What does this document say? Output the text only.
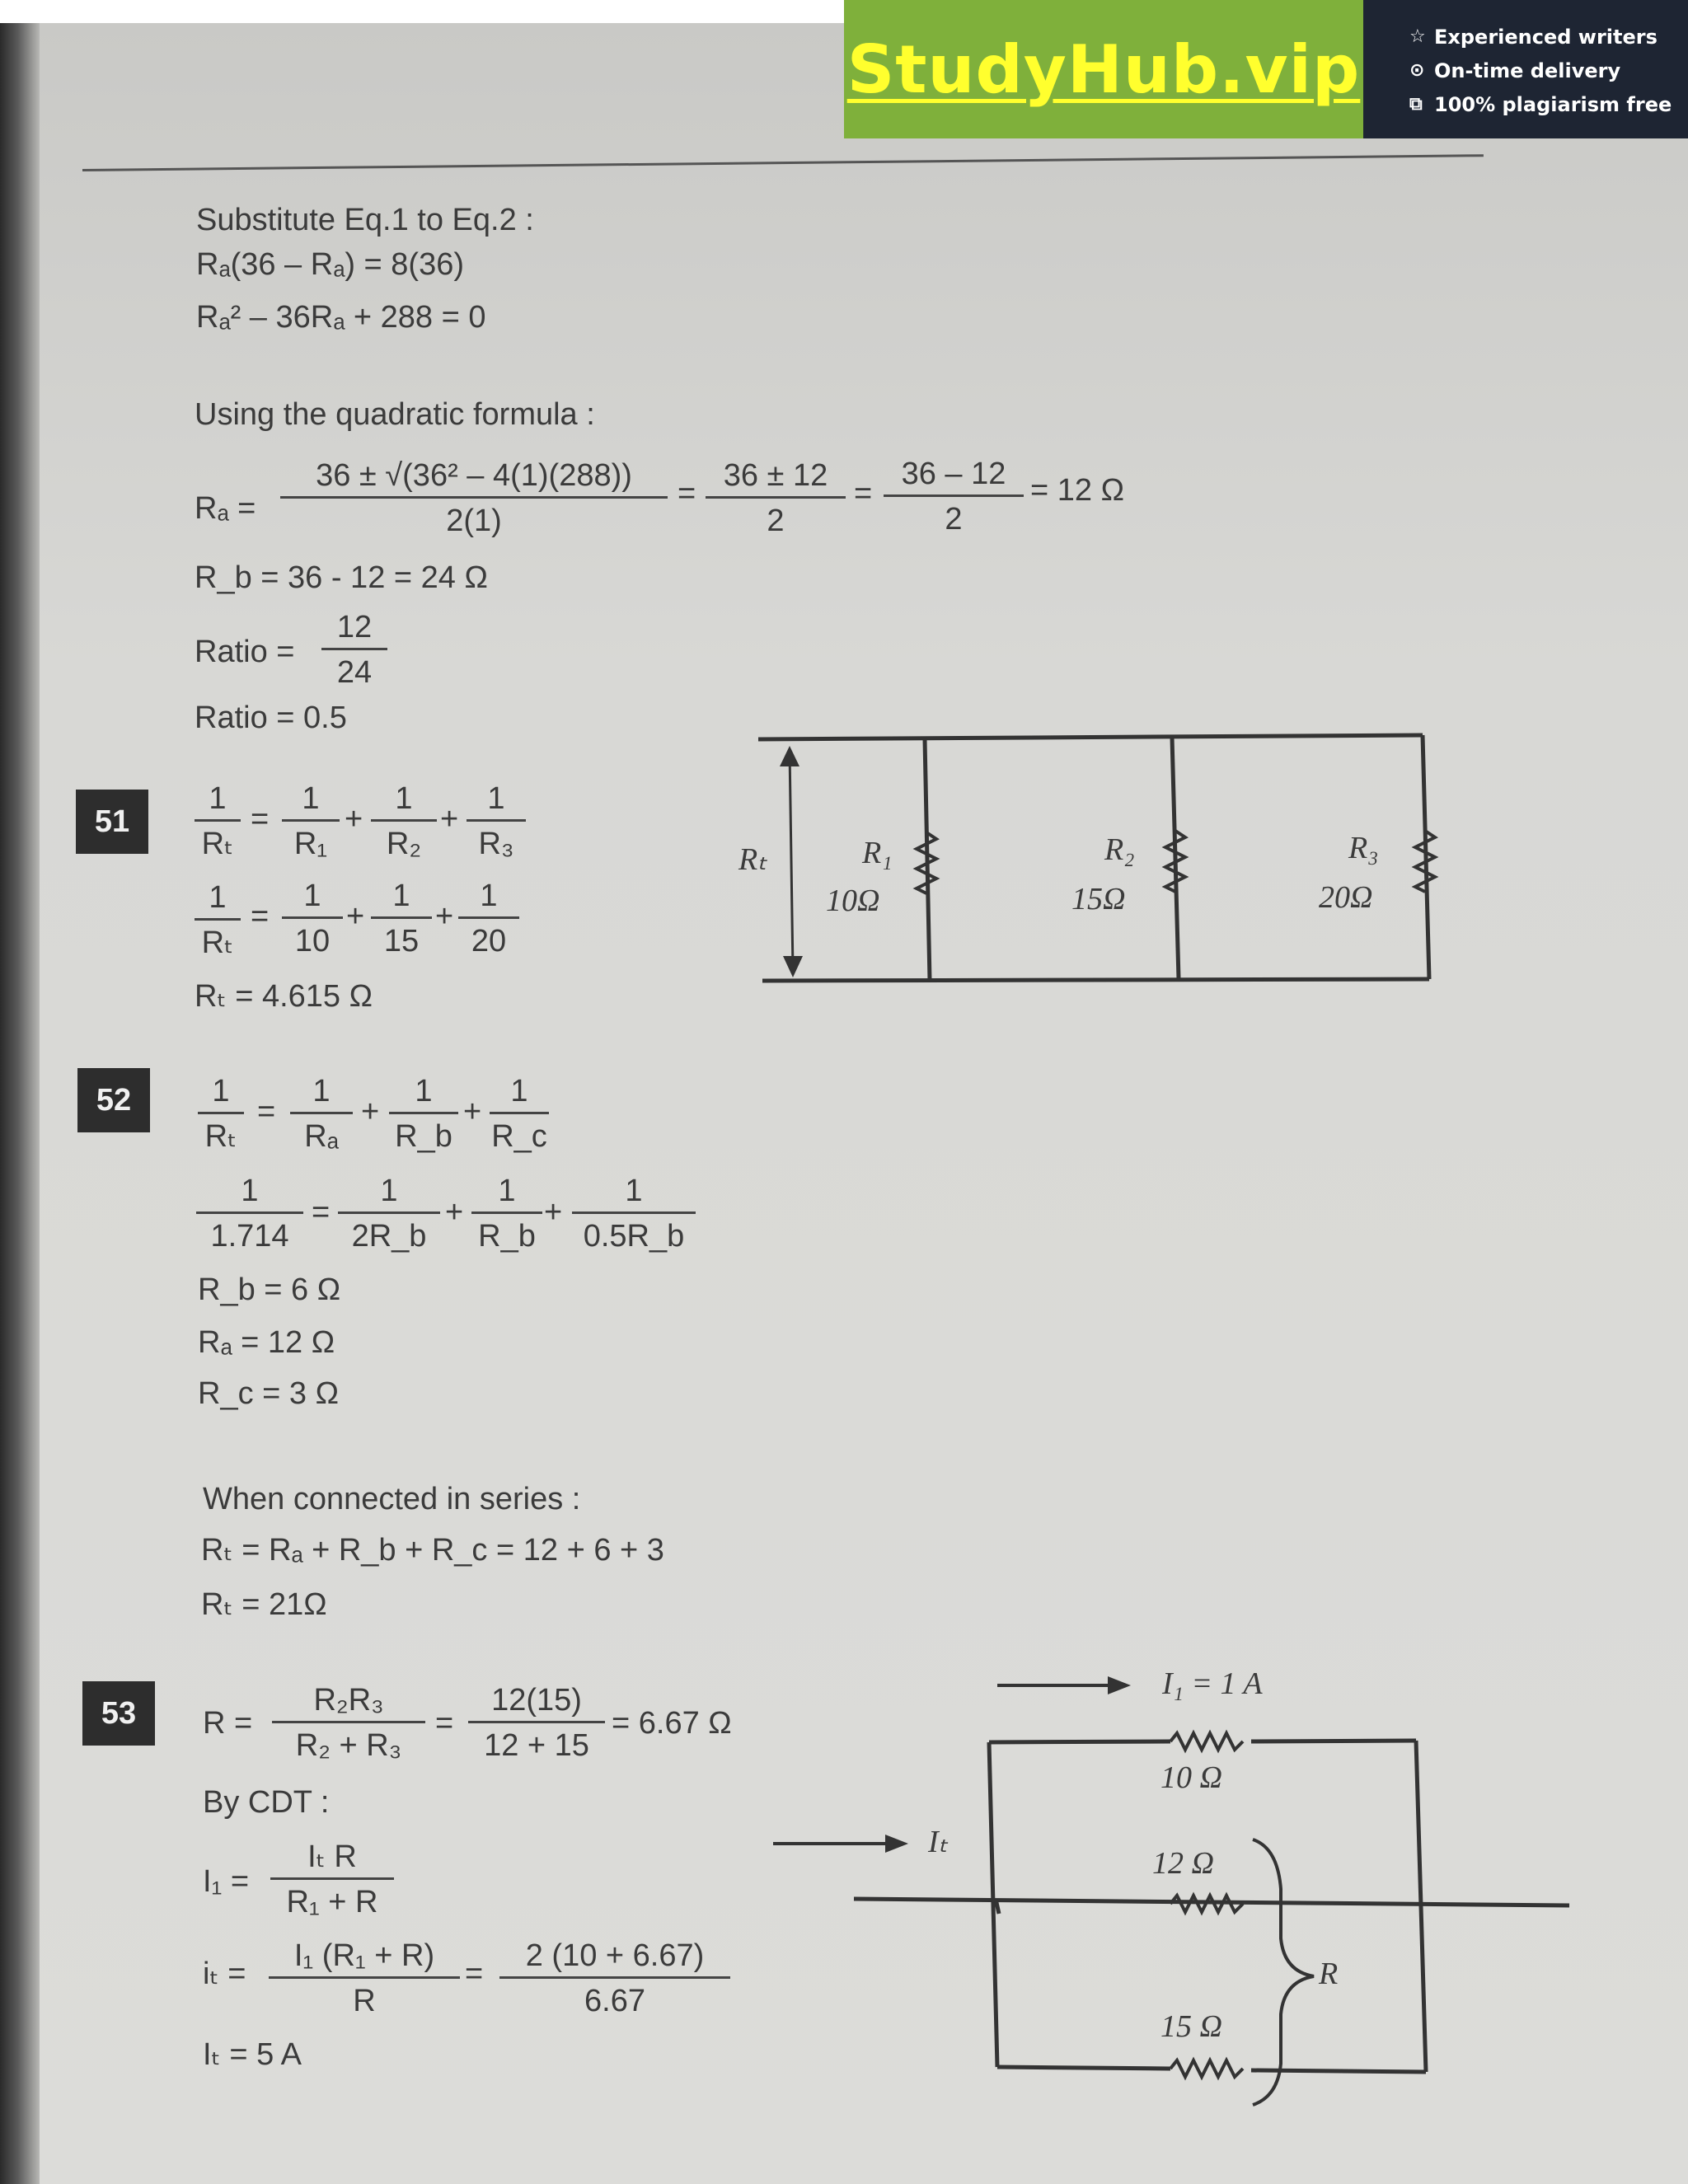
StudyHub.vip	☆ Experienced writers
⊙ On-time delivery
⧉ 100% plagiarism free
Substitute Eq.1 to Eq.2 :
Rₐ(36 – Rₐ) = 8(36)
Rₐ² – 36Rₐ + 288 = 0
Using the quadratic formula :
$R_a = \frac{\text{36 ± √(36² – 4(1)(288))}}{2(1)} = \frac{36 \pm 12}{2} = \frac{36 - 12}{2} = 12$ Ω
R_b = 36 - 12 = 24 Ω
Ratio = $\frac{12}{24}$
Ratio = 0.5
51	$\frac{1}{\text{Rₜ}} = \frac{1}{\text{R₁}} + \frac{1}{\text{R₂}} + \frac{1}{\text{R₃}}$
$\frac{1}{\text{Rₜ}} = \frac{1}{10} + \frac{1}{15} + \frac{1}{20}$
Rₜ = 4.615 Ω
Rₜ	R₁
10Ω
R₂
15Ω
R₃
20Ω
52	$\frac{1}{\text{Rₜ}} = \frac{1}{\text{Rₐ}} + \frac{1}{R\_b} + \frac{1}{R\_c}$
$\frac{1}{1.714} = \frac{1}{2R\_b} + \frac{1}{R\_b} + \frac{1}{0.5R\_b}$
R_b = 6 Ω
Rₐ = 12 Ω
R_c = 3 Ω
When connected in series :
Rₜ = Rₐ + R_b + R_c = 12 + 6 + 3
Rₜ = 21Ω
53	$R = \frac{\text{R₂R₃}}{\text{R₂ + R₃}} = \frac{12(15)}{12 + 15} = 6.67$ Ω
By CDT :
$I_1 = \frac{\text{Iₜ R}}{\text{R₁ + R}}$
$i_t = \frac{\text{I₁ (R₁ + R)}}{R} = \frac{2 (10 + 6.67)}{6.67}$
Iₜ = 5 A
I₁ = 1 A
Iₜ
10 Ω
12 Ω
15 Ω
R
